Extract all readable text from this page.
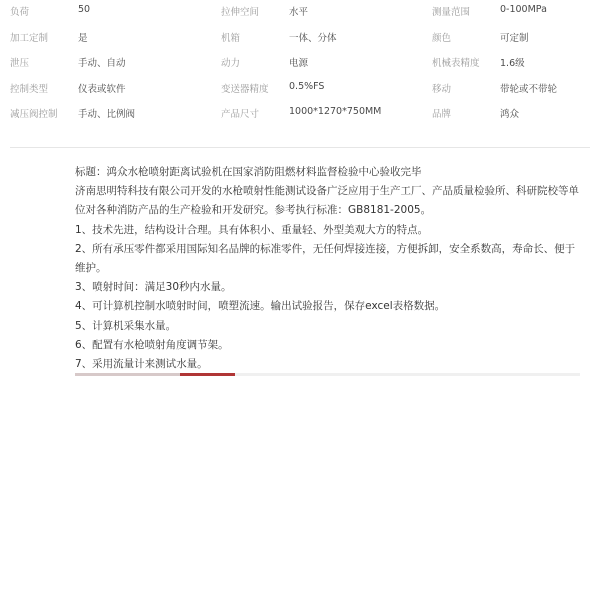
负荷	50	拉伸空间	水平	测量范围	0-100MPa
加工定制	是	机箱	一体、分体	颜色	可定制
泄压	手动、自动	动力	电源	机械表精度 1.6级
控制类型	仪表或软件	变送器精度 0.5%FS	移动	带轮或不带轮
减压阀控制 手动、比例阀	产品尺寸	1000*1270*750MM	品牌	鸿众

标题：鸿众水枪喷射距离试验机在国家消防阻燃材料监督检验中心验收完毕

济南思明特科技有限公司开发的水枪喷射性能测试设备广泛应用于生产工厂、产品质量检验所、科研院校等单位对各种消防产品的生产检验和开发研究。参考执行标准：GB8181-2005。

1、技术先进，结构设计合理。具有体积小、重量轻、外型美观大方的特点。

2、所有承压零件都采用国际知名品牌的标准零件，无任何焊接连接，方便拆卸，安全系数高，寿命长、便于维护。

3、喷射时间：满足30秒内水量。

4、可计算机控制水喷射时间，喷塑流速。输出试验报告，保存excel表格数据。

5、计算机采集水量。

6、配置有水枪喷射角度调节架。

7、采用流量计来测试水量。
